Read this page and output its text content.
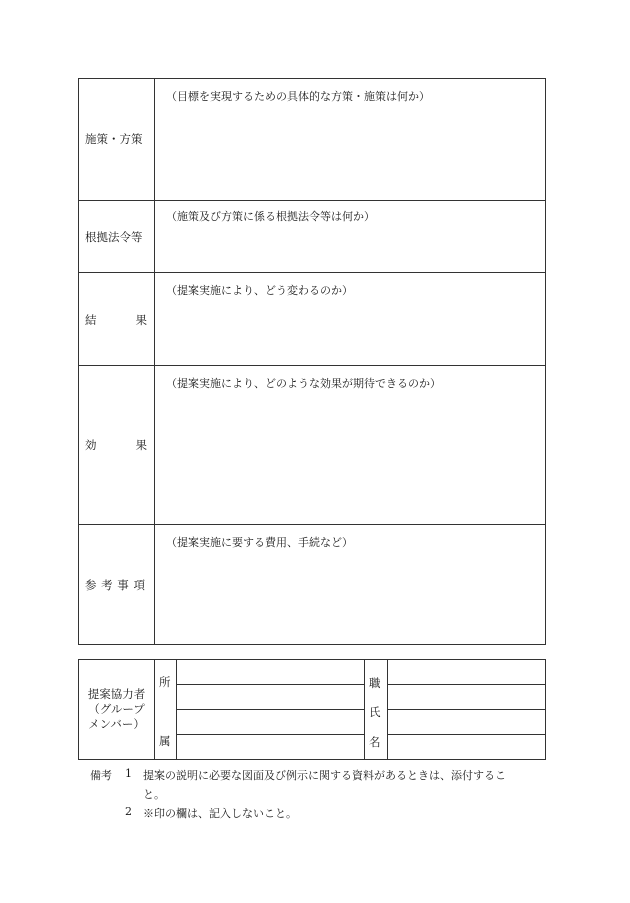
施策・方策
（目標を実現するための具体的な方策・施策は何か）
根拠法令等
（施策及び方策に係る根拠法令等は何か）
結	果
（提案実施により、どう変わるのか）
効	果
（提案実施により、どのような効果が期待できるのか）
参 考 事 項
（提案実施に要する費用、手続など）
提案協力者
（グループ
メンバー）
所
属
職
氏
名
備考 1 提案の説明に必要な図面及び例示に関する資料があるときは、添付するこ
と。
2 ※印の欄は、記入しないこと。
